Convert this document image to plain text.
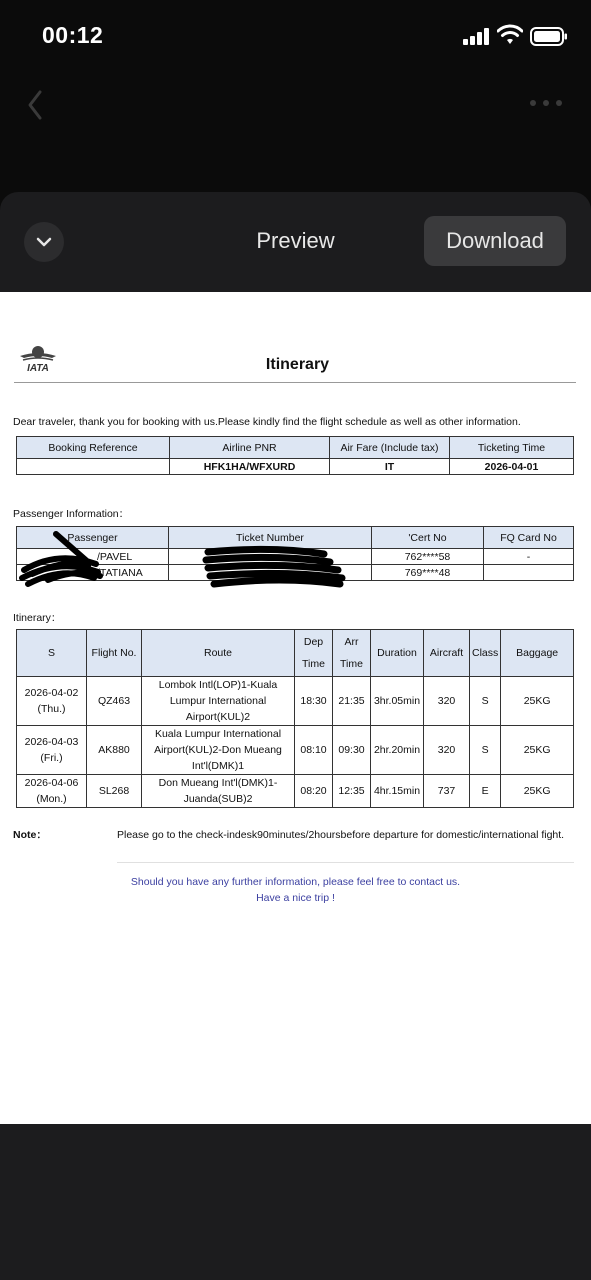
00:12
Preview	Download
IATA	Itinerary
Dear traveler, thank you for booking with us.Please kindly find the flight schedule as well as other information.
Booking Reference	Airline PNR	Air Fare (Include tax)	Ticketing Time
	HFK1HA/WFXURD	IT	2026-04-01
Passenger Information：
Passenger	Ticket Number	'Cert No	FQ Card No
/PAVEL		762****58	-
/TATIANA		769****48	
Itinerary：
S	Flight No.	Route	Dep Time	Arr Time	Duration	Aircraft	Class	Baggage
2026-04-02 (Thu.)	QZ463	Lombok Intl(LOP)1-Kuala Lumpur International Airport(KUL)2	18:30	21:35	3hr.05min	320	S	25KG
2026-04-03 (Fri.)	AK880	Kuala Lumpur International Airport(KUL)2-Don Mueang Int'l(DMK)1	08:10	09:30	2hr.20min	320	S	25KG
2026-04-06 (Mon.)	SL268	Don Mueang Int'l(DMK)1-Juanda(SUB)2	08:20	12:35	4hr.15min	737	E	25KG
Note：	Please go to the check-indesk90minutes/2hoursbefore departure for domestic/international fight.
Should you have any further information, please feel free to contact us.
Have a nice trip !
